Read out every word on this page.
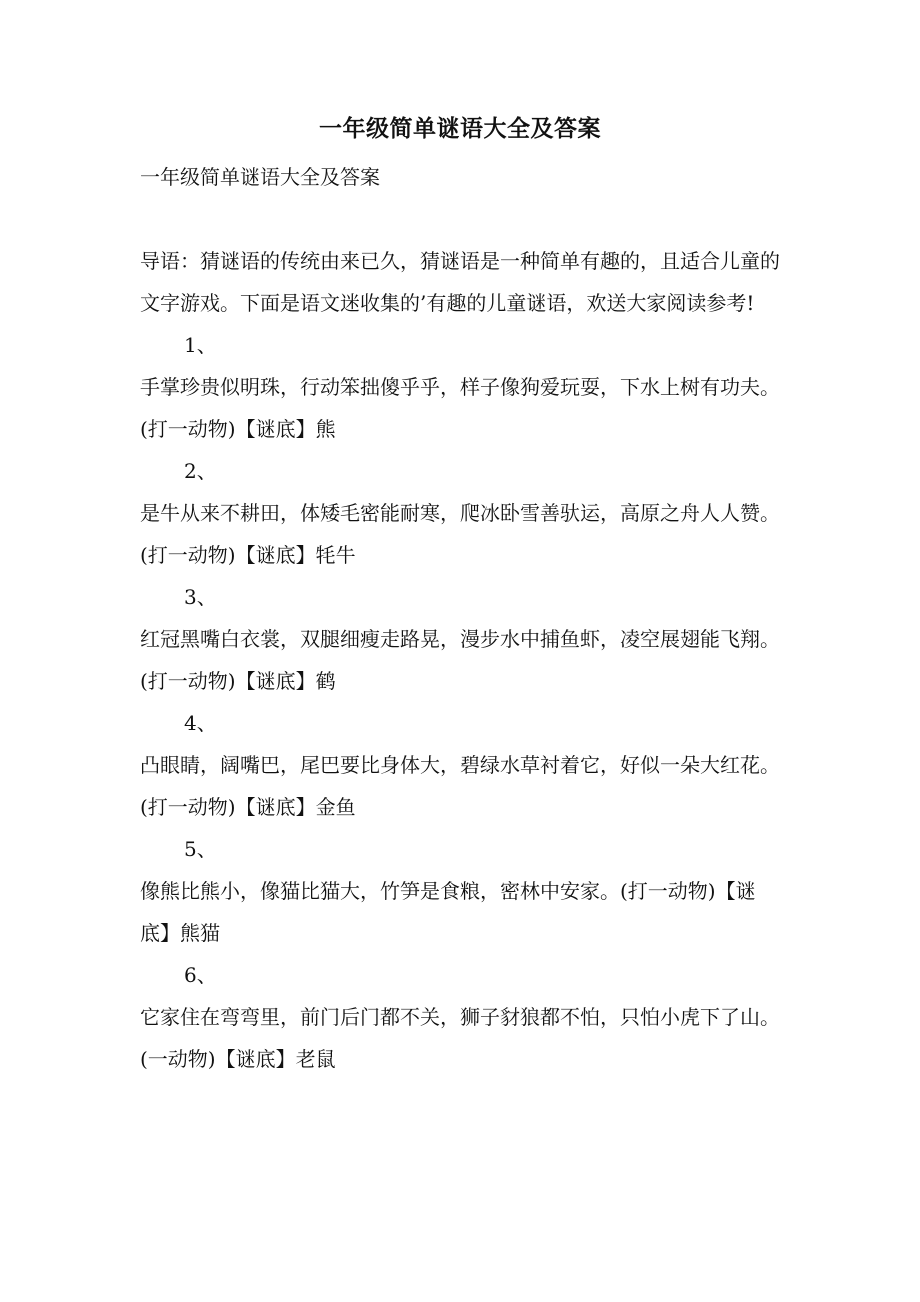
一年级简单谜语大全及答案

一年级简单谜语大全及答案

导语：猜谜语的传统由来已久，猜谜语是一种简单有趣的，且适合儿童的文字游戏。下面是语文迷收集的’有趣的儿童谜语，欢送大家阅读参考!

1、

手掌珍贵似明珠，行动笨拙傻乎乎，样子像狗爱玩耍，下水上树有功夫。(打一动物)【谜底】熊

2、

是牛从来不耕田，体矮毛密能耐寒，爬冰卧雪善驮运，高原之舟人人赞。(打一动物)【谜底】牦牛

3、

红冠黑嘴白衣裳，双腿细瘦走路晃，漫步水中捕鱼虾，凌空展翅能飞翔。(打一动物)【谜底】鹤

4、

凸眼睛，阔嘴巴，尾巴要比身体大，碧绿水草衬着它，好似一朵大红花。(打一动物)【谜底】金鱼

5、

像熊比熊小，像猫比猫大，竹笋是食粮，密林中安家。(打一动物)【谜底】熊猫

6、

它家住在弯弯里，前门后门都不关，狮子豺狼都不怕，只怕小虎下了山。(一动物)【谜底】老鼠
